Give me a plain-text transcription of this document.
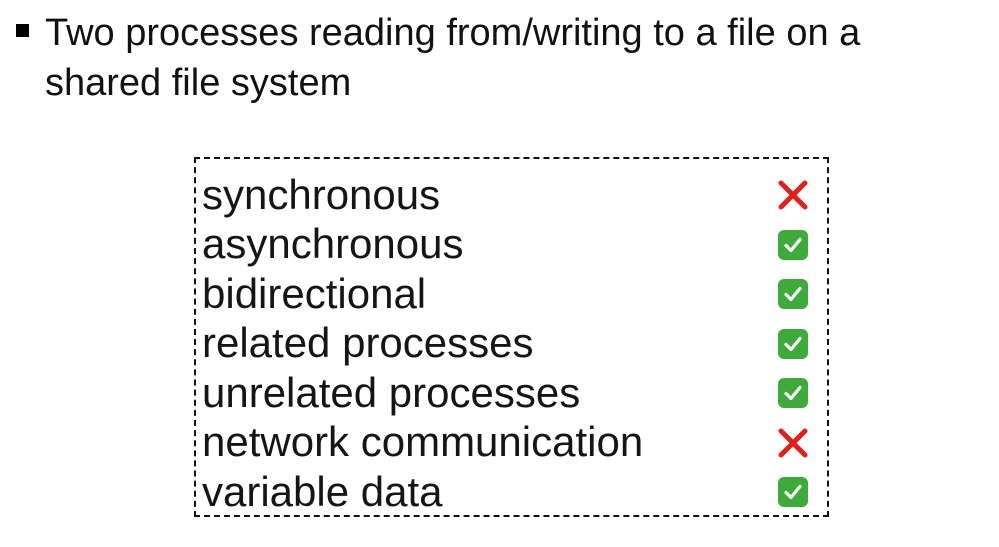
Two processes reading from/writing to a file on a shared file system
synchronous
asynchronous
bidirectional
related processes
unrelated processes
network communication
variable data
